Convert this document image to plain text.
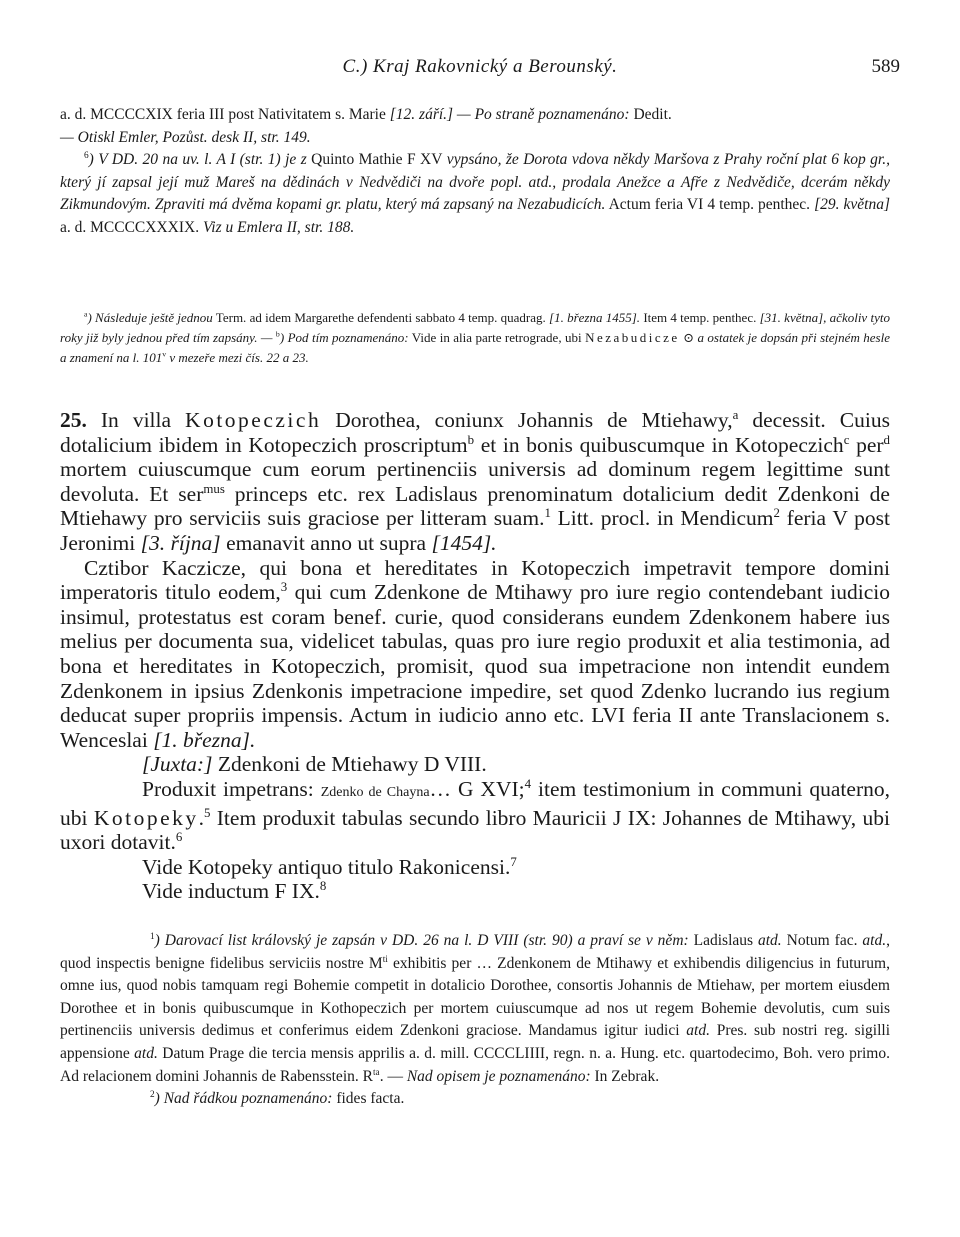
C.) Kraj Rakovnický a Berounský.	589

a. d. MCCCCXIX feria III post Nativitatem s. Marie [12. září.] — Po straně poznamenáno: Dedit.
— Otiskl Emler, Pozůst. desk II, str. 149.

$^6$) V DD. 20 na uv. l. A I (str. 1) je z Quinto Mathie F XV vypsáno, že Dorota vdova někdy Maršova z Prahy roční plat 6 kop gr., který jí zapsal její muž Mareš na dědinách v Nedvědiči na dvoře popl. atd., prodala Anežce a Afře z Nedvědiče, dcerám někdy Zikmundovým. Zpraviti má dvěma kopami gr. platu, který má zapsaný na Nezabudicích. Actum feria VI 4 temp. penthec. [29. května] a. d. MCCCCXXXIX. Viz u Emlera II, str. 188.

$^a$) Následuje ještě jednou Term. ad idem Margarethe defendenti sabbato 4 temp. quadrag. [1. března 1455]. Item 4 temp. penthec. [31. května], ačkoliv tyto roky již byly jednou před tím zapsány. — $^b$) Pod tím poznamenáno: Vide in alia parte retrograde, ubi Nezabudicze ⊙ a ostatek je dopsán při stejném hesle a znamení na l. 101$^v$ v mezeře mezi čís. 22 a 23.

25. In villa Kotopeczich Dorothea, coniunx Johannis de Mtiehawy,$^a$ decessit. Cuius dotalicium ibidem in Kotopeczich proscriptum$^b$ et in bonis quibuscumque in Kotopeczich$^c$ per$^d$ mortem cuiuscumque cum eorum pertinenciis universis ad dominum regem legittime sunt devoluta. Et ser$^{mus}$ princeps etc. rex Ladislaus prenominatum dotalicium dedit Zdenkoni de Mtiehawy pro serviciis suis graciose per litteram suam.$^1$ Litt. procl. in Mendicum$^2$ feria V post Jeronimi [3. října] emanavit anno ut supra [1454].

Cztibor Kaczicze, qui bona et hereditates in Kotopeczich impetravit tempore domini imperatoris titulo eodem,$^3$ qui cum Zdenkone de Mtihawy pro iure regio contendebant iudicio insimul, protestatus est coram benef. curie, quod considerans eundem Zdenkonem habere ius melius per documenta sua, videlicet tabulas, quas pro iure regio produxit et alia testimonia, ad bona et hereditates in Kotopeczich, promisit, quod sua impetracione non intendit eundem Zdenkonem in ipsius Zdenkonis impetracione impedire, set quod Zdenko lucrando ius regium deducat super propriis impensis. Actum in iudicio anno etc. LVI feria II ante Translacionem s. Wenceslai [1. března].

[Juxta:] Zdenkoni de Mtiehawy D VIII.

Produxit impetrans: Zdenko de Chayna… G XVI;$^4$ item testimonium in communi quaterno, ubi Kotopeky.$^5$ Item produxit tabulas secundo libro Mauricii J IX: Johannes de Mtihawy, ubi uxori dotavit.$^6$

Vide Kotopeky antiquo titulo Rakonicensi.$^7$

Vide inductum F IX.$^8$

$^1$) Darovací list královský je zapsán v DD. 26 na l. D VIII (str. 90) a praví se v něm: Ladislaus atd. Notum fac. atd., quod inspectis benigne fidelibus serviciis nostre $M^{ti}$ exhibitis per … Zdenkonem de Mtihawy et exhibendis diligencius in futurum, omne ius, quod nobis tamquam regi Bohemie competit in dotalicio Dorothee, consortis Johannis de Mtiehaw, per mortem eiusdem Dorothee et in bonis quibuscumque in Kothopeczich per mortem cuiuscumque ad nos ut regem Bohemie devolutis, cum suis pertinenciis universis dedimus et conferimus eidem Zdenkoni graciose. Mandamus igitur iudici atd. Pres. sub nostri reg. sigilli appensione atd. Datum Prage die tercia mensis apprilis a. d. mill. CCCCLIIII, regn. n. a. Hung. etc. quartodecimo, Boh. vero primo. Ad relacionem domini Johannis de Rabensstein. $R^{ta}$. — Nad opisem je poznamenáno: In Zebrak.

$^2$) Nad řádkou poznamenáno: fides facta.
